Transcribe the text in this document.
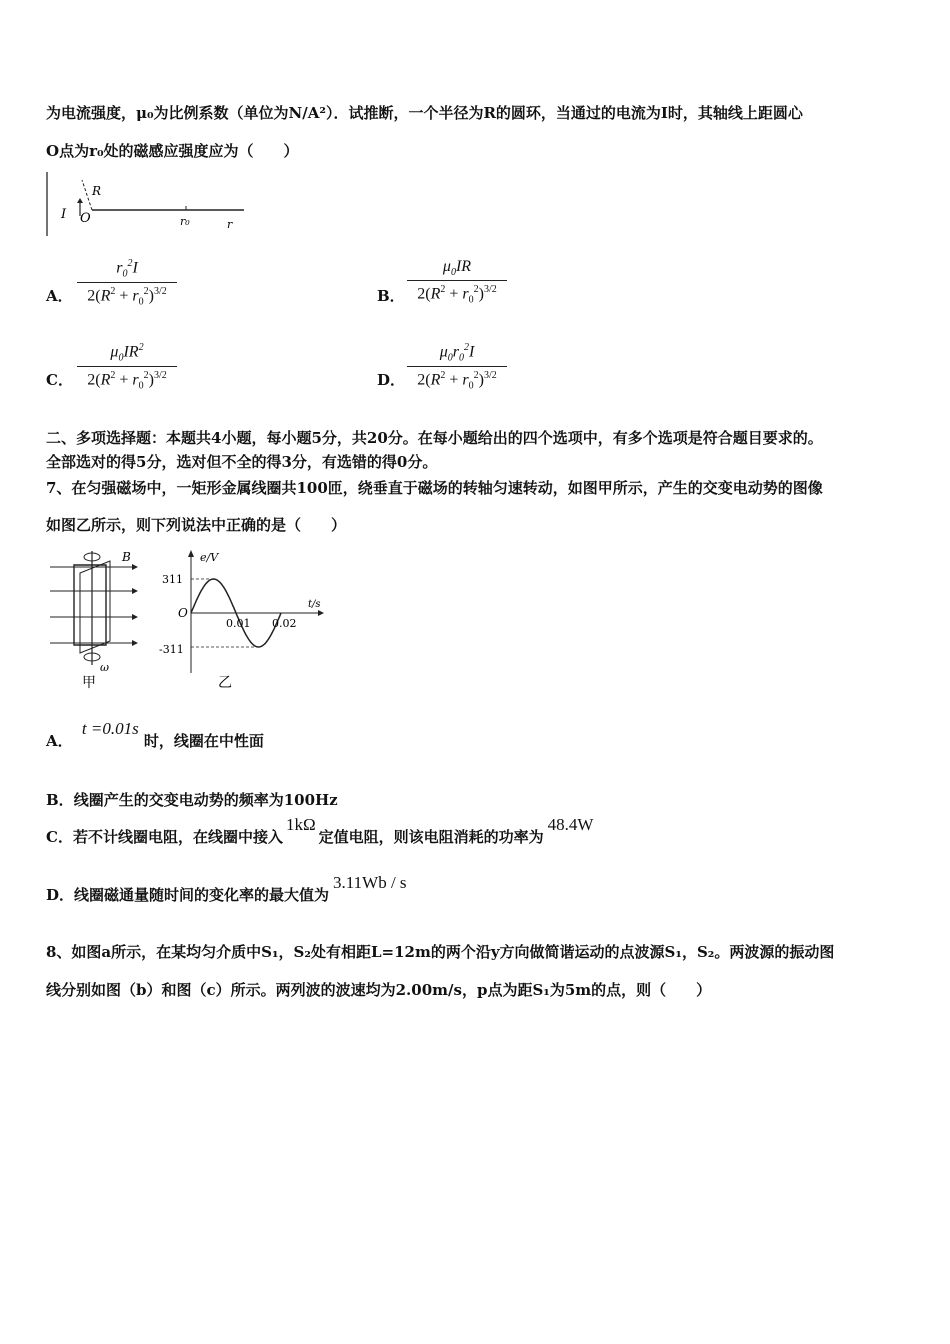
为电流强度，μ₀为比例系数（单位为N/A²）．试推断，一个半径为R的圆环，当通过的电流为I时，其轴线上距圆心
O点为r₀处的磁感应强度应为（　　）
I O
R
r₀	r
A．
$r_0^2I$
$2(R^2 + r_0^2)^{3/2}$	B．
$\mu_0IR$
$2(R^2 + r_0^2)^{3/2}$
C．
$\mu_0IR^2$
$2(R^2 + r_0^2)^{3/2}$	D．
$\mu_0r_0^2I$
$2(R^2 + r_0^2)^{3/2}$
二、多项选择题：本题共4小题，每小题5分，共20分。在每小题给出的四个选项中，有多个选项是符合题目要求的。
全部选对的得5分，选对但不全的得3分，有选错的得0分。
7、在匀强磁场中，一矩形金属线圈共100匝，绕垂直于磁场的转轴匀速转动，如图甲所示，产生的交变电动势的图像
如图乙所示，则下列说法中正确的是（　　）
B
ω
甲
e/V
t/s
O
311
-311
0.01 0.02
乙
A． t =0.01s 时，线圈在中性面
B．线圈产生的交变电动势的频率为100Hz
C．若不计线圈电阻，在线圈中接入1kΩ定值电阻，则该电阻消耗的功率为48.4W
D．线圈磁通量随时间的变化率的最大值为3.11Wb / s
8、如图a所示，在某均匀介质中S₁，S₂处有相距L=12m的两个沿y方向做简谐运动的点波源S₁，S₂。两波源的振动图
线分别如图（b）和图（c）所示。两列波的波速均为2.00m/s，p点为距S₁为5m的点，则（　　）
